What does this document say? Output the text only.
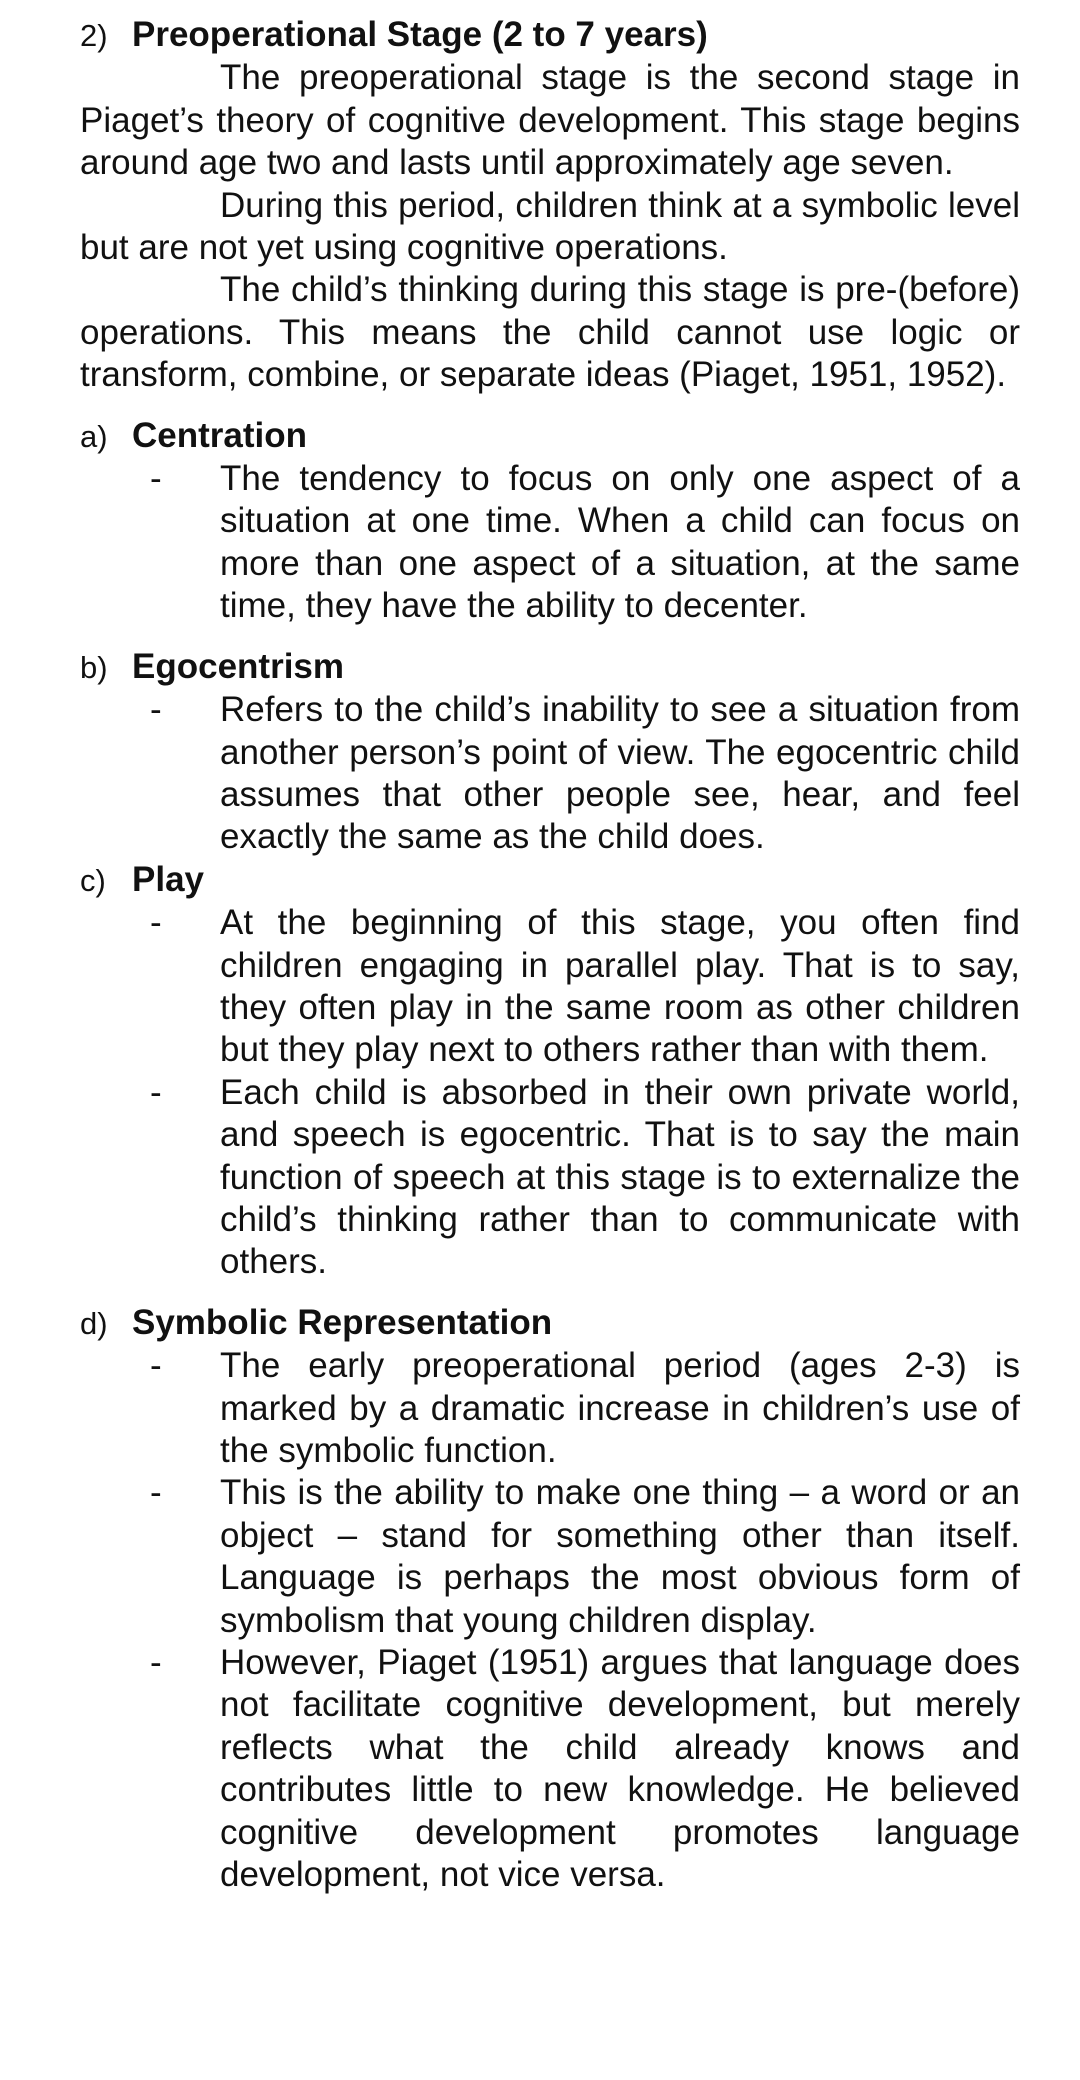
2) Preoperational Stage (2 to 7 years)

The preoperational stage is the second stage in Piaget’s theory of cognitive development. This stage begins around age two and lasts until approximately age seven.

During this period, children think at a symbolic level but are not yet using cognitive operations.

The child’s thinking during this stage is pre-(before) operations. This means the child cannot use logic or transform, combine, or separate ideas (Piaget, 1951, 1952).

a) Centration
-	The tendency to focus on only one aspect of a situation at one time. When a child can focus on more than one aspect of a situation, at the same time, they have the ability to decenter.
b) Egocentrism
-	Refers to the child’s inability to see a situation from another person’s point of view. The egocentric child assumes that other people see, hear, and feel exactly the same as the child does.
c) Play
-	At the beginning of this stage, you often find children engaging in parallel play. That is to say, they often play in the same room as other children but they play next to others rather than with them.
-	Each child is absorbed in their own private world, and speech is egocentric. That is to say the main function of speech at this stage is to externalize the child’s thinking rather than to communicate with others.
d) Symbolic Representation
-	The early preoperational period (ages 2-3) is marked by a dramatic increase in children’s use of the symbolic function.
-	This is the ability to make one thing – a word or an object – stand for something other than itself. Language is perhaps the most obvious form of symbolism that young children display.
-	However, Piaget (1951) argues that language does not facilitate cognitive development, but merely reflects what the child already knows and contributes little to new knowledge. He believed cognitive development promotes language development, not vice versa.
